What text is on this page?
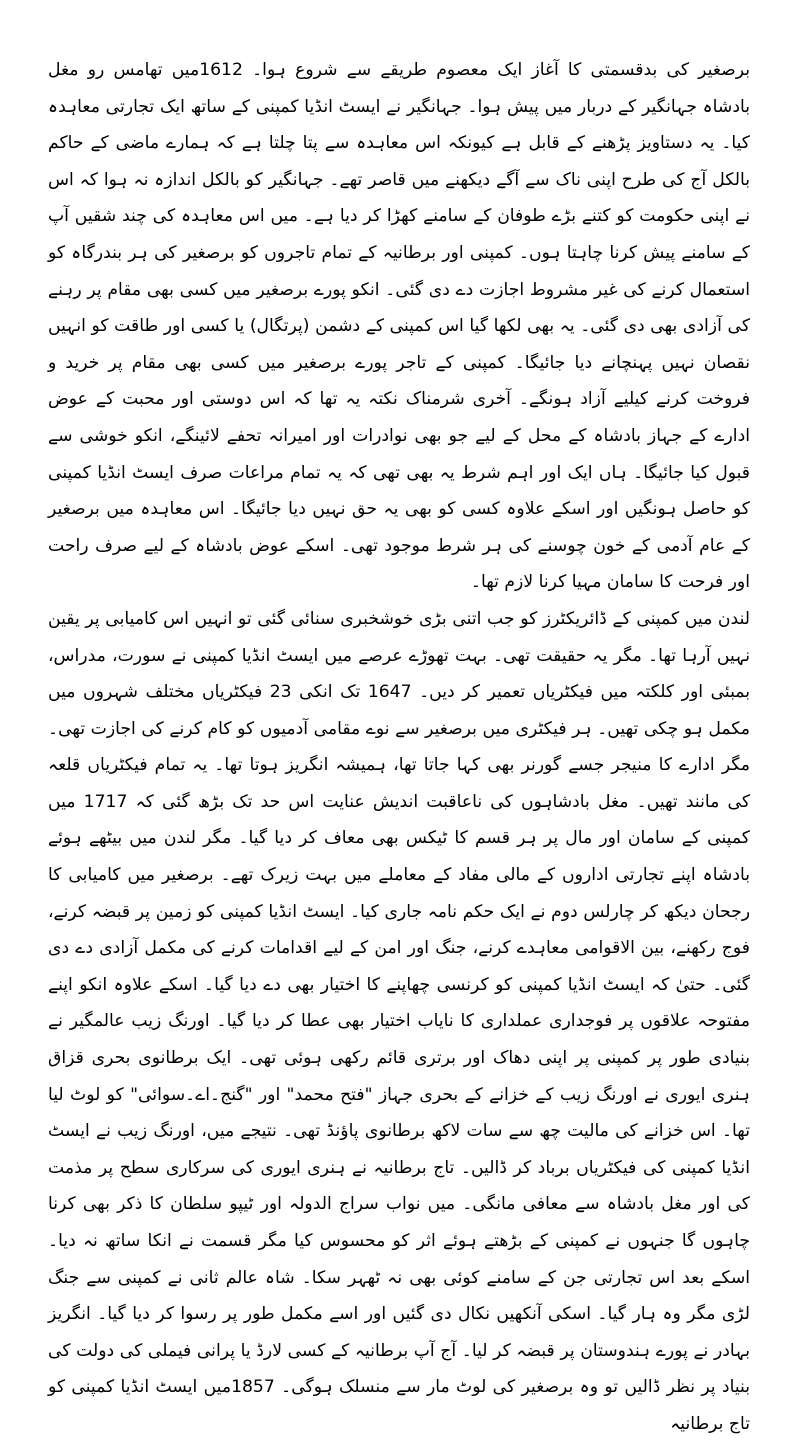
برصغیر کی بدقسمتی کا آغاز ایک معصوم طریقے سے شروع ہوا۔ 1612میں تھامس رو مغل بادشاہ جہانگیر کے دربار میں پیش ہوا۔ جہانگیر نے ایسٹ انڈیا کمپنی کے ساتھ ایک تجارتی معاہدہ کیا۔ یہ دستاویز پڑھنے کے قابل ہے کیونکہ اس معاہدہ سے پتا چلتا ہے کہ ہمارے ماضی کے حاکم بالکل آج کی طرح اپنی ناک سے آگے دیکھنے میں قاصر تھے۔ جہانگیر کو بالکل اندازہ نہ ہوا کہ اس نے اپنی حکومت کو کتنے بڑے طوفان کے سامنے کھڑا کر دیا ہے۔ میں اس معاہدہ کی چند شقیں آپ کے سامنے پیش کرنا چاہتا ہوں۔ کمپنی اور برطانیہ کے تمام تاجروں کو برصغیر کی ہر بندرگاہ کو استعمال کرنے کی غیر مشروط اجازت دے دی گئی۔ انکو پورے برصغیر میں کسی بھی مقام پر رہنے کی آزادی بھی دی گئی۔ یہ بھی لکھا گیا اس کمپنی کے دشمن (پرتگال) یا کسی اور طاقت کو انہیں نقصان نہیں پہنچانے دیا جائیگا۔ کمپنی کے تاجر پورے برصغیر میں کسی بھی مقام پر خرید و فروخت کرنے کیلیے آزاد ہونگے۔ آخری شرمناک نکتہ یہ تھا کہ اس دوستی اور محبت کے عوض ادارے کے جہاز بادشاہ کے محل کے لیے جو بھی نوادرات اور امیرانہ تحفے لائینگے، انکو خوشی سے قبول کیا جائیگا۔ ہاں ایک اور اہم شرط یہ بھی تھی کہ یہ تمام مراعات صرف ایسٹ انڈیا کمپنی کو حاصل ہونگیں اور اسکے علاوہ کسی کو بھی یہ حق نہیں دیا جائیگا۔ اس معاہدہ میں برصغیر کے عام آدمی کے خون چوسنے کی ہر شرط موجود تھی۔ اسکے عوض بادشاہ کے لیے صرف راحت اور فرحت کا سامان مہیا کرنا لازم تھا۔

لندن میں کمپنی کے ڈائریکٹرز کو جب اتنی بڑی خوشخبری سنائی گئی تو انہیں اس کامیابی پر یقین نہیں آرہا تھا۔ مگر یہ حقیقت تھی۔ بہت تھوڑے عرصے میں ایسٹ انڈیا کمپنی نے سورت، مدراس، بمبئی اور کلکتہ میں فیکٹریاں تعمیر کر دیں۔ 1647 تک انکی 23 فیکٹریاں مختلف شہروں میں مکمل ہو چکی تھیں۔ ہر فیکٹری میں برصغیر سے نوے مقامی آدمیوں کو کام کرنے کی اجازت تھی۔ مگر ادارے کا منیجر جسے گورنر بھی کہا جاتا تھا، ہمیشہ انگریز ہوتا تھا۔ یہ تمام فیکٹریاں قلعہ کی مانند تھیں۔ مغل بادشاہوں کی ناعاقبت اندیش عنایت اس حد تک بڑھ گئی کہ 1717 میں کمپنی کے سامان اور مال پر ہر قسم کا ٹیکس بھی معاف کر دیا گیا۔ مگر لندن میں بیٹھے ہوئے بادشاہ اپنے تجارتی اداروں کے مالی مفاد کے معاملے میں بہت زیرک تھے۔ برصغیر میں کامیابی کا رجحان دیکھ کر چارلس دوم نے ایک حکم نامہ جاری کیا۔ ایسٹ انڈیا کمپنی کو زمین پر قبضہ کرنے، فوج رکھنے، بین الاقوامی معاہدے کرنے، جنگ اور امن کے لیے اقدامات کرنے کی مکمل آزادی دے دی گئی۔ حتیٰ کہ ایسٹ انڈیا کمپنی کو کرنسی چھاپنے کا اختیار بھی دے دیا گیا۔ اسکے علاوہ انکو اپنے مفتوحہ علاقوں پر فوجداری عملداری کا نایاب اختیار بھی عطا کر دیا گیا۔ اورنگ زیب عالمگیر نے بنیادی طور پر کمپنی پر اپنی دھاک اور برتری قائم رکھی ہوئی تھی۔ ایک برطانوی بحری قزاق ہنری ایوری نے اورنگ زیب کے خزانے کے بحری جہاز "فتح محمد" اور "گنج۔اے۔سوائی" کو لوٹ لیا تھا۔ اس خزانے کی مالیت چھ سے سات لاکھ برطانوی پاؤنڈ تھی۔ نتیجے میں، اورنگ زیب نے ایسٹ انڈیا کمپنی کی فیکٹریاں برباد کر ڈالیں۔ تاج برطانیہ نے ہنری ایوری کی سرکاری سطح پر مذمت کی اور مغل بادشاہ سے معافی مانگی۔ میں نواب سراج الدولہ اور ٹیپو سلطان کا ذکر بھی کرنا چاہوں گا جنہوں نے کمپنی کے بڑھتے ہوئے اثر کو محسوس کیا مگر قسمت نے انکا ساتھ نہ دیا۔ اسکے بعد اس تجارتی جن کے سامنے کوئی بھی نہ ٹھہر سکا۔ شاہ عالم ثانی نے کمپنی سے جنگ لڑی مگر وہ ہار گیا۔ اسکی آنکھیں نکال دی گئیں اور اسے مکمل طور پر رسوا کر دیا گیا۔ انگریز بہادر نے پورے ہندوستان پر قبضہ کر لیا۔ آج آپ برطانیہ کے کسی لارڈ یا پرانی فیملی کی دولت کی بنیاد پر نظر ڈالیں تو وہ برصغیر کی لوٹ مار سے منسلک ہوگی۔ 1857میں ایسٹ انڈیا کمپنی کو تاج برطانیہ
